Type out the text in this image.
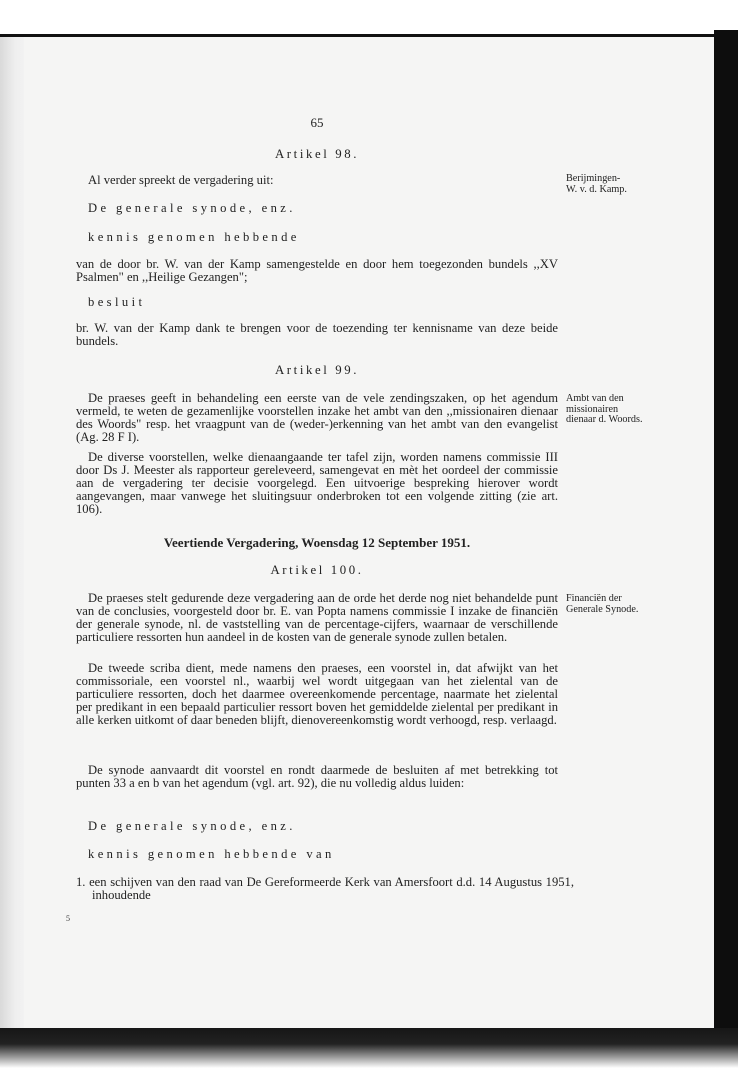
65
Artikel 98.
Al verder spreekt de vergadering uit:
De generale synode, enz.
kennis genomen hebbende
van de door br. W. van der Kamp samengestelde en door hem toegezonden bundels ,,XV Psalmen" en ,,Heilige Gezangen";
besluit
br. W. van der Kamp dank te brengen voor de toezending ter kennisname van deze beide bundels.
Artikel 99.
De praeses geeft in behandeling een eerste van de vele zendingszaken, op het agendum vermeld, te weten de gezamenlijke voorstellen inzake het ambt van den ,,missionairen dienaar des Woords" resp. het vraagpunt van de (weder-)erkenning van het ambt van den evangelist (Ag. 28 F I).
De diverse voorstellen, welke dienaangaande ter tafel zijn, worden namens commissie III door Ds J. Meester als rapporteur gereleveerd, samengevat en mèt het oordeel der commissie aan de vergadering ter decisie voorgelegd. Een uitvoerige bespreking hierover wordt aangevangen, maar vanwege het sluitingsuur onderbroken tot een volgende zitting (zie art. 106).
Veertiende Vergadering, Woensdag 12 September 1951.
Artikel 100.
De praeses stelt gedurende deze vergadering aan de orde het derde nog niet behandelde punt van de conclusies, voorgesteld door br. E. van Popta namens commissie I inzake de financiën der generale synode, nl. de vaststelling van de percentage-cijfers, waarnaar de verschillende particuliere ressorten hun aandeel in de kosten van de generale synode zullen betalen.
De tweede scriba dient, mede namens den praeses, een voorstel in, dat afwijkt van het commissoriale, een voorstel nl., waarbij wel wordt uitgegaan van het zielental van de particuliere ressorten, doch het daarmee overeenkomende percentage, naarmate het zielental per predikant in een bepaald particulier ressort boven het gemiddelde zielental per predikant in alle kerken uitkomt of daar beneden blijft, dienovereenkomstig wordt verhoogd, resp. verlaagd.
De synode aanvaardt dit voorstel en rondt daarmede de besluiten af met betrekking tot punten 33 a en b van het agendum (vgl. art. 92), die nu volledig aldus luiden:
De generale synode, enz.
kennis genomen hebbende van
1. een schijven van den raad van De Gereformeerde Kerk van Amersfoort d.d. 14 Augustus 1951, inhoudende
Berijmingen-
W. v. d. Kamp.
Ambt van den
missionairen
dienaar d. Woords.
Financiën der
Generale Synode.
5
